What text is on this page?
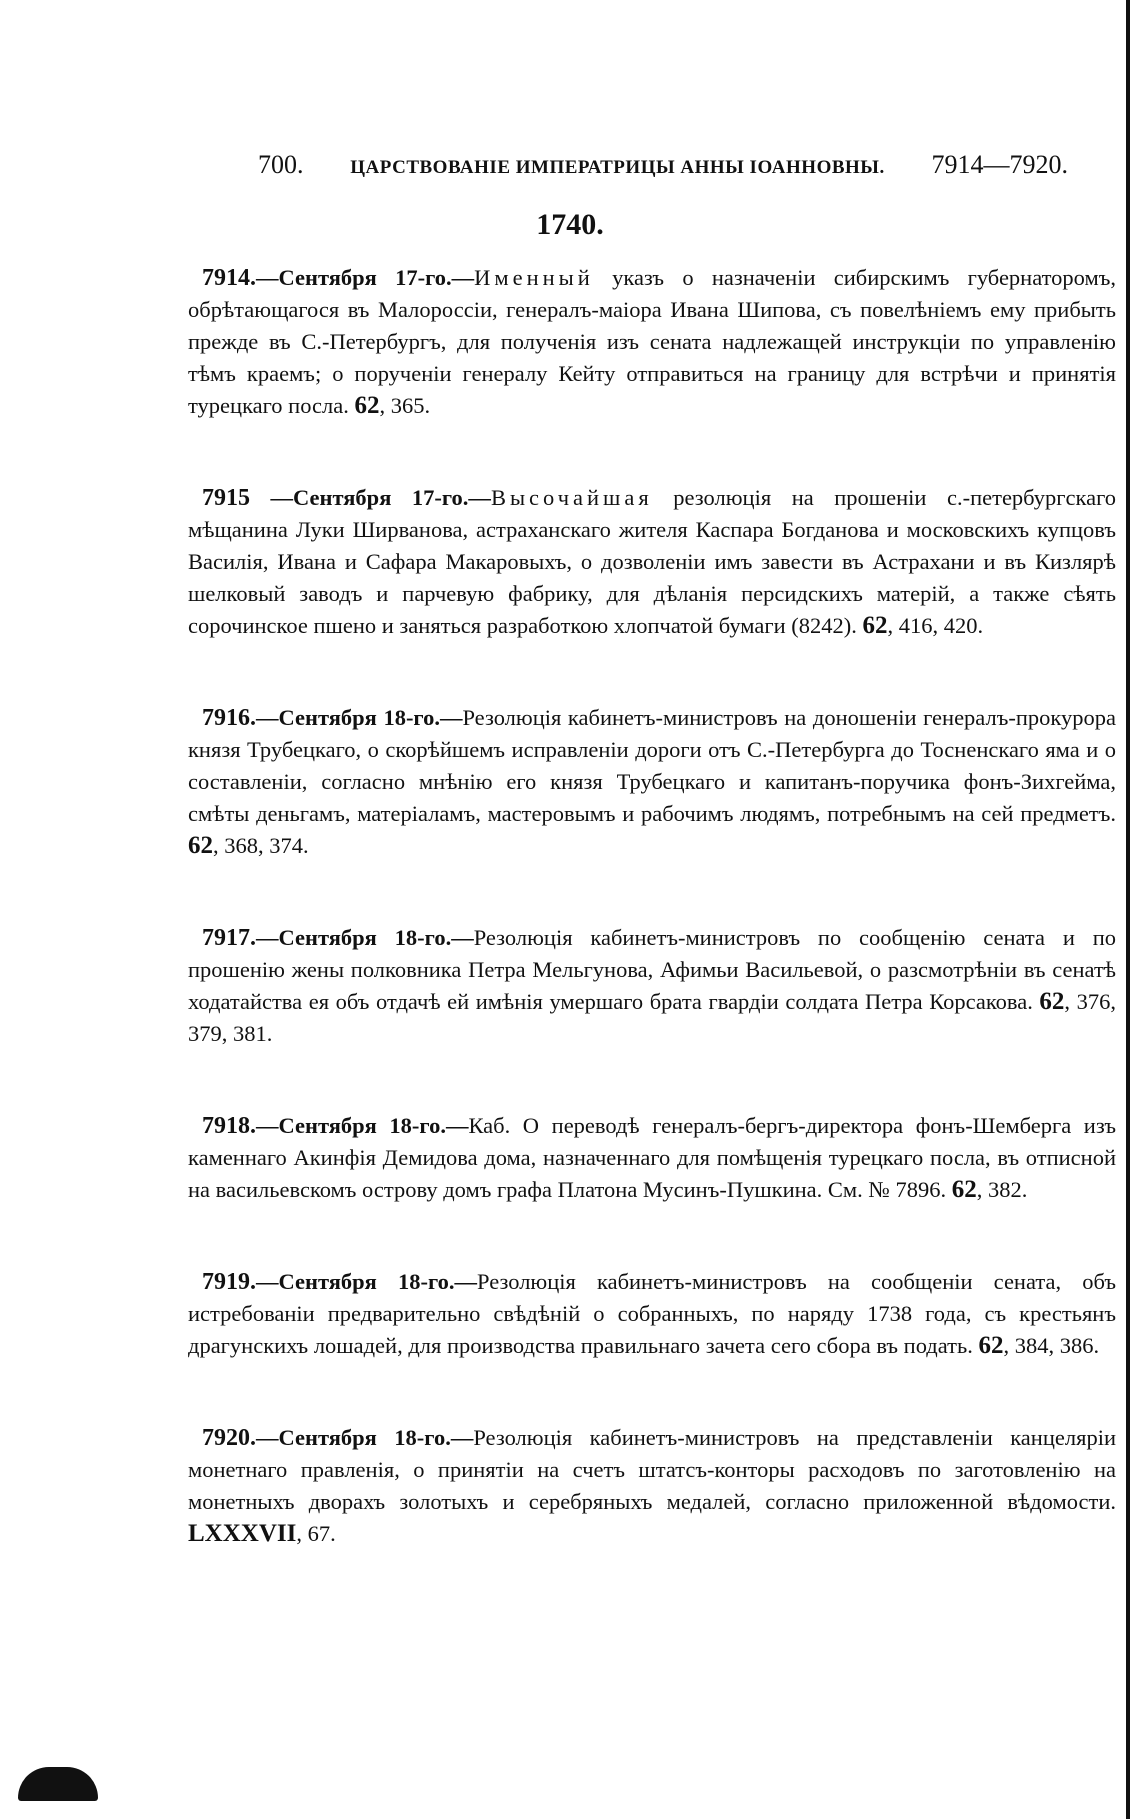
700. ЦАРСТВОВАНІЕ ИМПЕРАТРИЦЫ АННЫ ІОАННОВНЫ. 7914—7920.
1740.

7914.—Сентября 17-го.—Именный указъ о назначеніи сибирскимъ губернаторомъ, обрѣтающагося въ Малороссіи, генералъ-маіора Ивана Шипова, съ повелѣніемъ ему прибыть прежде въ С.-Петербургъ, для полученія изъ сената надлежащей инструкціи по управленію тѣмъ краемъ; о порученіи генералу Кейту отправиться на границу для встрѣчи и принятія турецкаго посла. 62, 365.

7915 —Сентября 17-го.—Высочайшая резолюція на прошеніи с.-петербургскаго мѣщанина Луки Ширванова, астраханскаго жителя Каспара Богданова и московскихъ купцовъ Василія, Ивана и Сафара Макаровыхъ, о дозволеніи имъ завести въ Астрахани и въ Кизлярѣ шелковый заводъ и парчевую фабрику, для дѣланія персидскихъ матерій, а также сѣять сорочинское пшено и заняться разработкою хлопчатой бумаги (8242). 62, 416, 420.

7916.—Сентября 18-го.—Резолюція кабинетъ-министровъ на доношеніи генералъ-прокурора князя Трубецкаго, о скорѣйшемъ исправленіи дороги отъ С.-Петербурга до Тосненскаго яма и о составленіи, согласно мнѣнію его князя Трубецкаго и капитанъ-поручика фонъ-Зихгейма, смѣты деньгамъ, матеріаламъ, мастеровымъ и рабочимъ людямъ, потребнымъ на сей предметъ. 62, 368, 374.

7917.—Сентября 18-го.—Резолюція кабинетъ-министровъ по сообщенію сената и по прошенію жены полковника Петра Мельгунова, Афимьи Васильевой, о разсмотрѣніи въ сенатѣ ходатайства ея объ отдачѣ ей имѣнія умершаго брата гвардіи солдата Петра Корсакова. 62, 376, 379, 381.

7918.—Сентября 18-го.—Каб. О переводѣ генералъ-бергъ-директора фонъ-Шемберга изъ каменнаго Акинфія Демидова дома, назначеннаго для помѣщенія турецкаго посла, въ отписной на васильевскомъ острову домъ графа Платона Мусинъ-Пушкина. См. № 7896. 62, 382.

7919.—Сентября 18-го.—Резолюція кабинетъ-министровъ на сообщеніи сената, объ истребованіи предварительно свѣдѣній о собранныхъ, по наряду 1738 года, съ крестьянъ драгунскихъ лошадей, для производства правильнаго зачета сего сбора въ подать. 62, 384, 386.

7920.—Сентября 18-го.—Резолюція кабинетъ-министровъ на представленіи канцеляріи монетнаго правленія, о принятіи на счетъ штатсъ-конторы расходовъ по заготовленію на монетныхъ дворахъ золотыхъ и серебряныхъ медалей, согласно приложенной вѣдомости. LXXXVII, 67.
